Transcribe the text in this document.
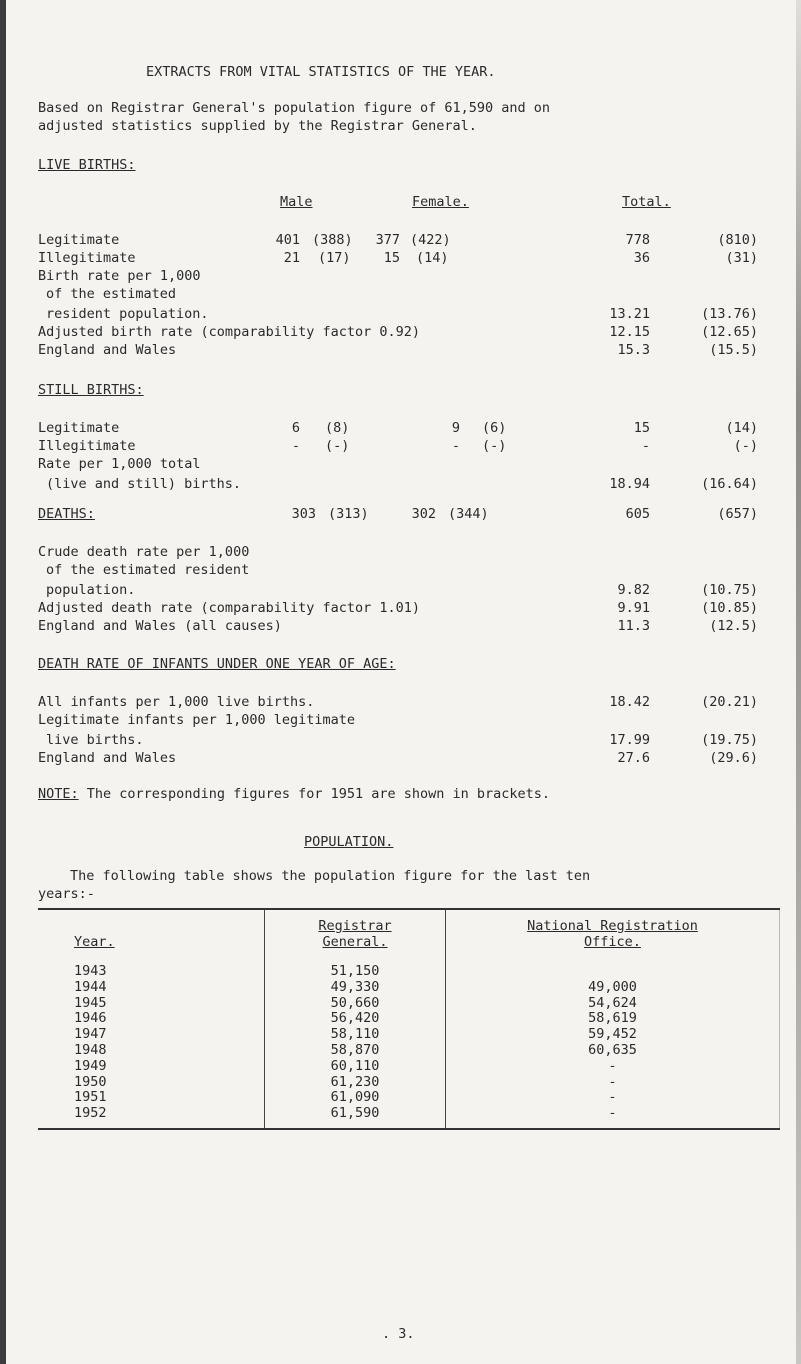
EXTRACTS FROM VITAL STATISTICS OF THE YEAR.
Based on Registrar General's population figure of 61,590 and on
adjusted statistics supplied by the Registrar General.
LIVE BIRTHS:
Male	Female.	Total.
Legitimate	401 (388)	377 (422)	778	(810)
Illegitimate	21 (17)	15 (14)	36	(31)
Birth rate per 1,000
of the estimated
resident population.	13.21	(13.76)
Adjusted birth rate (comparability factor 0.92)	12.15	(12.65)
England and Wales	15.3	(15.5)
STILL BIRTHS:
Legitimate	6 (8)	9 (6)	15	(14)
Illegitimate	- (-)	- (-)	-	(-)
Rate per 1,000 total
(live and still) births.	18.94	(16.64)
DEATHS:	303 (313)	302 (344)	605	(657)
Crude death rate per 1,000
of the estimated resident
population.	9.82	(10.75)
Adjusted death rate (comparability factor 1.01)	9.91	(10.85)
England and Wales (all causes)	11.3	(12.5)
DEATH RATE OF INFANTS UNDER ONE YEAR OF AGE:
All infants per 1,000 live births.	18.42	(20.21)
Legitimate infants per 1,000 legitimate
live births.	17.99	(19.75)
England and Wales	27.6	(29.6)
NOTE: The corresponding figures for 1951 are shown in brackets.
POPULATION.
The following table shows the population figure for the last ten
years:-
Year.	Registrar
General.	National Registration
Office.
1943	51,150	
1944	49,330	49,000
1945	50,660	54,624
1946	56,420	58,619
1947	58,110	59,452
1948	58,870	60,635
1949	60,110	-
1950	61,230	-
1951	61,090	-
1952	61,590	-
. 3.
